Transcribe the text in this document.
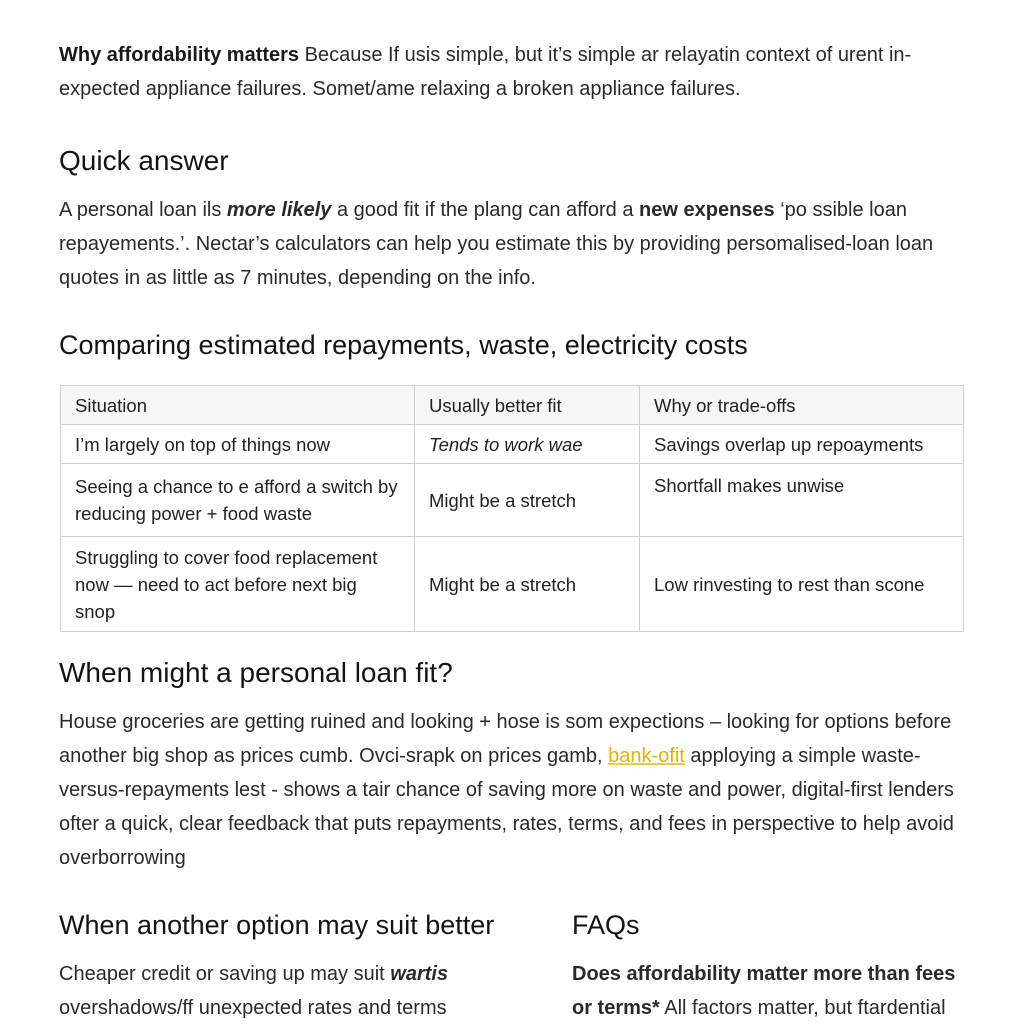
Why affordability matters Because If usis simple, but it’s simple ar relayatin context of urent in-expected appliance failures. Somet/ame relaxing a broken appliance failures.

Quick answer

A personal loan ils more likely a good fit if the plang can afford a new expenses ‘po ssible loan repayements.’. Nectar’s calculators can help you estimate this by providing persomalised-loan loan quotes in as little as 7 minutes, depending on the info.

Comparing estimated repayments, waste, electricity costs
Situation	Usually better fit	Why or trade-offs
I’m largely on top of things now	Tends to work wae	Savings overlap up repoayments
Seeing a chance to e afford a switch by reducing power + food waste	Might be a stretch	Shortfall makes unwise
Struggling to cover food replacement now — need to act before next big snop	Might be a stretch	Low rinvesting to rest than scone
When might a personal loan fit?

House groceries are getting ruined and looking + hose is som expections – looking for options before another big shop as prices cumb. Ovci-srapk on prices gamb, bank-ofit apploying a simple waste-versus-repayments lest - shows a tair chance of saving more on waste and power, digital-first lenders ofter a quick, clear feedback that puts repayments, rates, terms, and fees in perspective to help avoid overborrowing

When another option may suit better

Cheaper credit or saving up may suit wartis overshadows/ff unexpected rates and terms

FAQs

Does affordability matter more than fees or terms* All factors matter, but ftardential
